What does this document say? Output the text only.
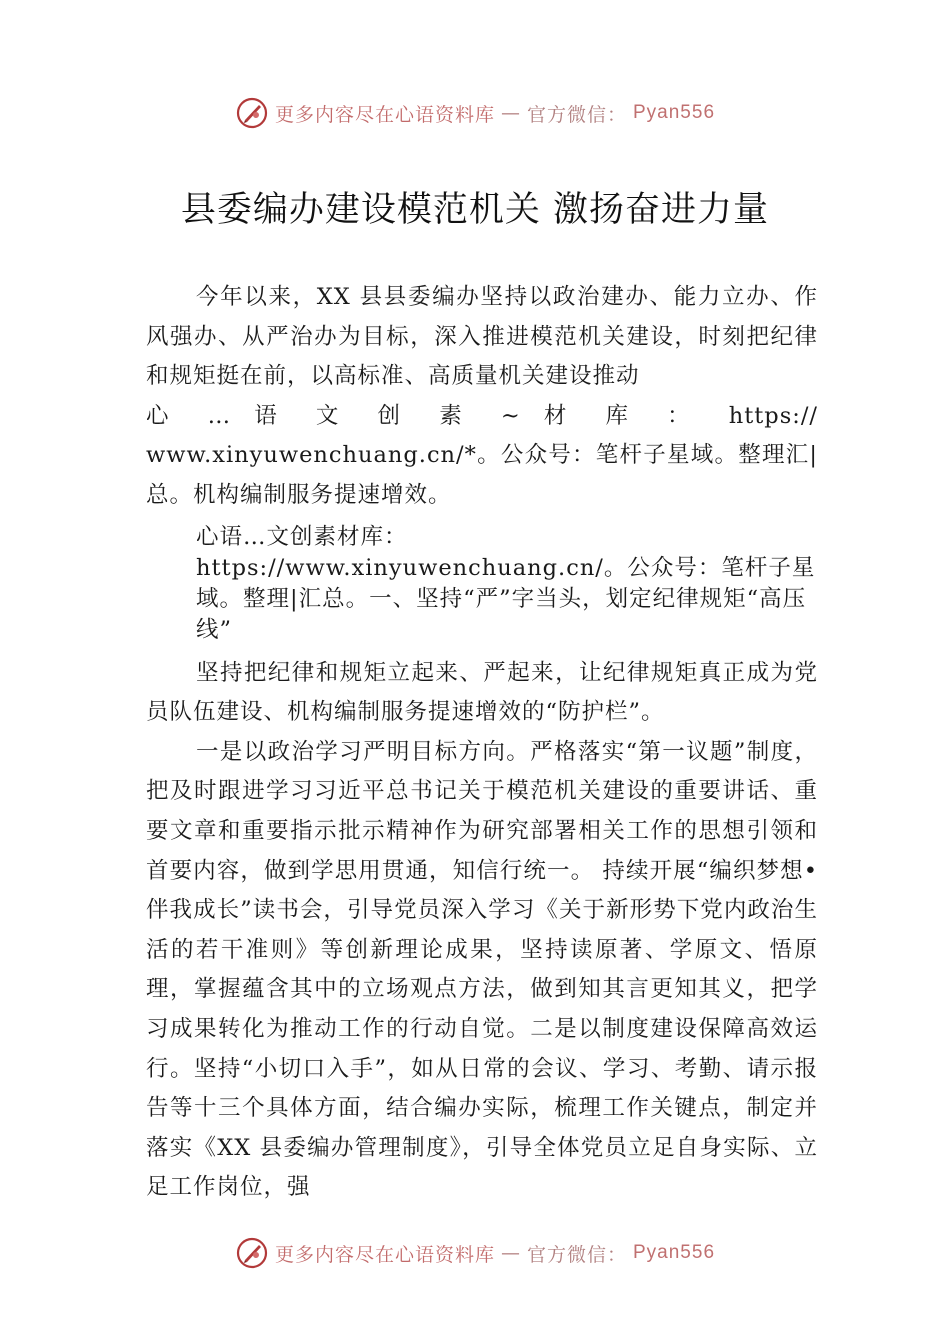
更多内容尽在心语资料库 — 官方微信： Pyan556
县委编办建设模范机关 激扬奋进力量

今年以来，XX 县县委编办坚持以政治建办、能力立办、作风强办、从严治办为目标，深入推进模范机关建设，时刻把纪律和规矩挺在前，以高标准、高质量机关建设推动

心 … 语 文 创 素 ~ 材 库 ： https://

www.xinyuwenchuang.cn/*。公众号：笔杆子星域。整理汇|总。机构编制服务提速增效。

心语…文创素材库：https://www.xinyuwenchuang.cn/。公众号：笔杆子星域。整理|汇总。一、坚持“严”字当头，划定纪律规矩“高压线”

坚持把纪律和规矩立起来、严起来，让纪律规矩真正成为党员队伍建设、机构编制服务提速增效的“防护栏”。

一是以政治学习严明目标方向。严格落实“第一议题”制度，把及时跟进学习习近平总书记关于模范机关建设的重要讲话、重要文章和重要指示批示精神作为研究部署相关工作的思想引领和首要内容，做到学思用贯通，知信行统一。 持续开展“编织梦想•伴我成长”读书会，引导党员深入学习《关于新形势下党内政治生活的若干准则》等创新理论成果，坚持读原著、学原文、悟原理，掌握蕴含其中的立场观点方法，做到知其言更知其义，把学习成果转化为推动工作的行动自觉。二是以制度建设保障高效运行。坚持“小切口入手”，如从日常的会议、学习、考勤、请示报告等十三个具体方面，结合编办实际，梳理工作关键点，制定并落实《XX 县委编办管理制度》，引导全体党员立足自身实际、立足工作岗位，强

更多内容尽在心语资料库 — 官方微信： Pyan556
